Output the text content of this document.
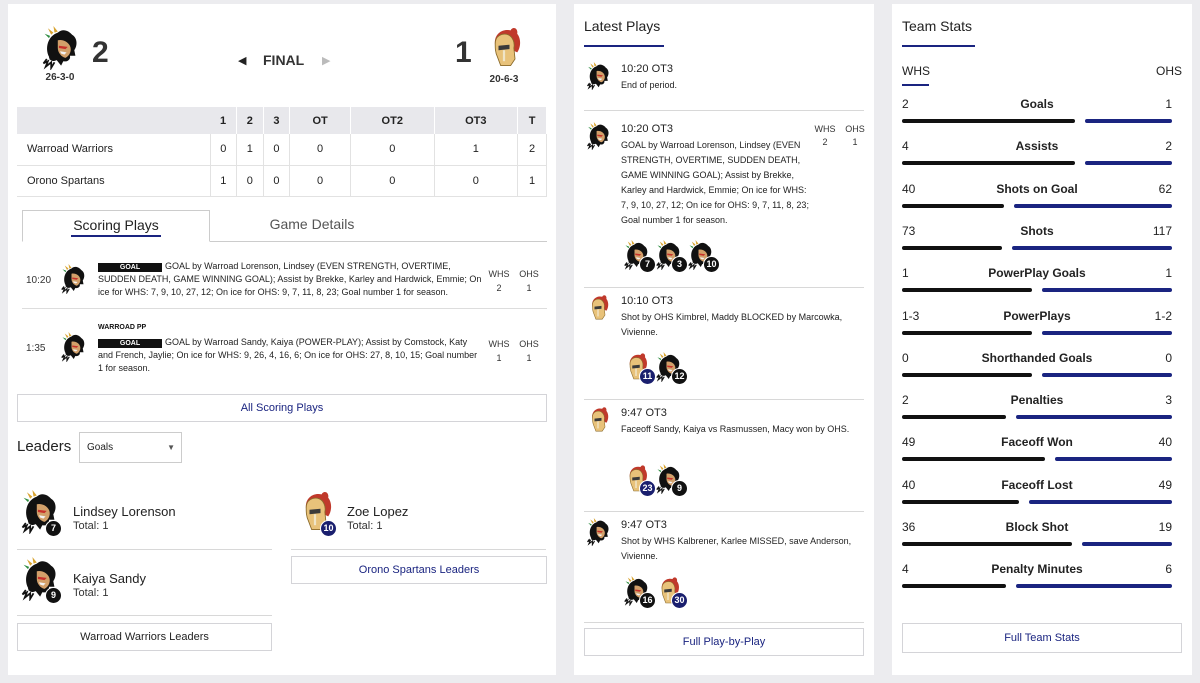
26-3-0
2	◀ FINAL ▶	1
20-6-3
	1	2	3	OT	OT2	OT3	T
Warroad Warriors	0	1	0	0	0	1	2
Orono Spartans	1	0	0	0	0	0	1
Scoring Plays	Game Details
10:20
GOAL	GOAL by Warroad Lorenson, Lindsey (EVEN STRENGTH, OVERTIME, SUDDEN DEATH, GAME WINNING GOAL); Assist by Brekke, Karley and Hardwick, Emmie; On ice for WHS: 7, 9, 10, 27, 12; On ice for OHS: 9, 7, 11, 8, 23; Goal number 1 for season.
WHS
2
OHS
1
1:35
WARROAD PP
GOAL	GOAL by Warroad Sandy, Kaiya (POWER-PLAY); Assist by Comstock, Katy and French, Jaylie; On ice for WHS: 9, 26, 4, 16, 6; On ice for OHS: 27, 8, 10, 15; Goal number 1 for season.
WHS
1
OHS
1
All Scoring Plays
Leaders	Goals	▼
7
Lindsey Lorenson
Total: 1
9
Kaiya Sandy
Total: 1
Warroad Warriors Leaders
10
Zoe Lopez
Total: 1
Orono Spartans Leaders
Latest Plays
10:20 OT3
End of period.
10:20 OT3
GOAL by Warroad Lorenson, Lindsey (EVEN STRENGTH, OVERTIME, SUDDEN DEATH, GAME WINNING GOAL); Assist by Brekke, Karley and Hardwick, Emmie; On ice for WHS: 7, 9, 10, 27, 12; On ice for OHS: 9, 7, 11, 8, 23; Goal number 1 for season.
WHS
2
OHS
1
7	3	10
10:10 OT3
Shot by OHS Kimbrel, Maddy BLOCKED by Marcowka, Vivienne.
11	12
9:47 OT3
Faceoff Sandy, Kaiya vs Rasmussen, Macy won by OHS.
23	9
9:47 OT3
Shot by WHS Kalbrener, Karlee MISSED, save Anderson, Vivienne.
16	30
Full Play-by-Play
Team Stats
WHS	OHS
2	Goals	1
4	Assists	2
40	Shots on Goal	62
73	Shots	117
1	PowerPlay Goals	1
1-3	PowerPlays	1-2
0	Shorthanded Goals	0
2	Penalties	3
49	Faceoff Won	40
40	Faceoff Lost	49
36	Block Shot	19
4	Penalty Minutes	6
Full Team Stats
